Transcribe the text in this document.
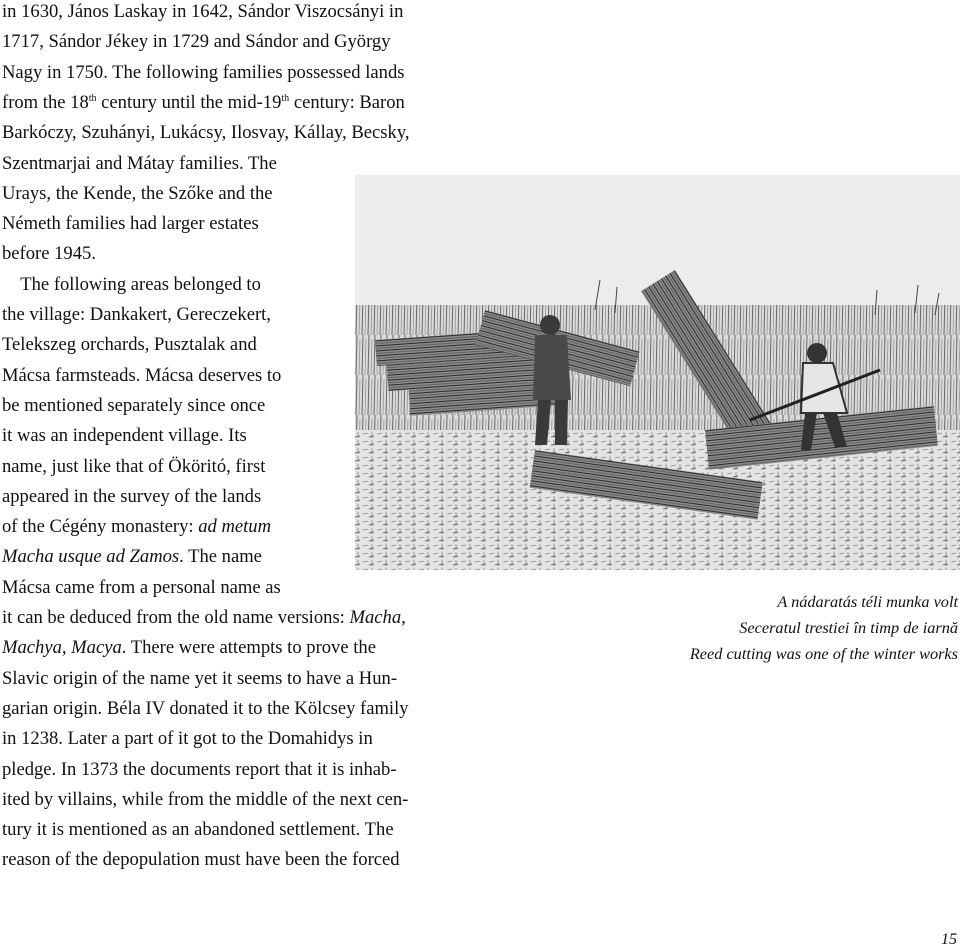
in 1630, János Laskay in 1642, Sándor Viszocsányi in
1717, Sándor Jékey in 1729 and Sándor and György
Nagy in 1750. The following families possessed lands
from the 18th century until the mid-19th century: Baron
Barkóczy, Szuhányi, Lukácsy, Ilosvay, Kállay, Becsky,
Szentmarjai and Mátay families. The
Urays, the Kende, the Szőke and the
Németh families had larger estates
before 1945.
The following areas belonged to
the village: Dankakert, Gereczekert,
Telekszeg orchards, Pusztalak and
Mácsa farmsteads. Mácsa deserves to
be mentioned separately since once
it was an independent village. Its
name, just like that of Ököritó, first
appeared in the survey of the lands
of the Cégény monastery: ad metum
Macha usque ad Zamos. The name
Mácsa came from a personal name as
it can be deduced from the old name versions: Macha,
Machya, Macya. There were attempts to prove the
Slavic origin of the name yet it seems to have a Hun-
garian origin. Béla IV donated it to the Kölcsey family
in 1238. Later a part of it got to the Domahidys in
pledge. In 1373 the documents report that it is inhab-
ited by villains, while from the middle of the next cen-
tury it is mentioned as an abandoned settlement. The
reason of the depopulation must have been the forced
A nádaratás téli munka volt
Seceratul trestiei în timp de iarnă
Reed cutting was one of the winter works
15
